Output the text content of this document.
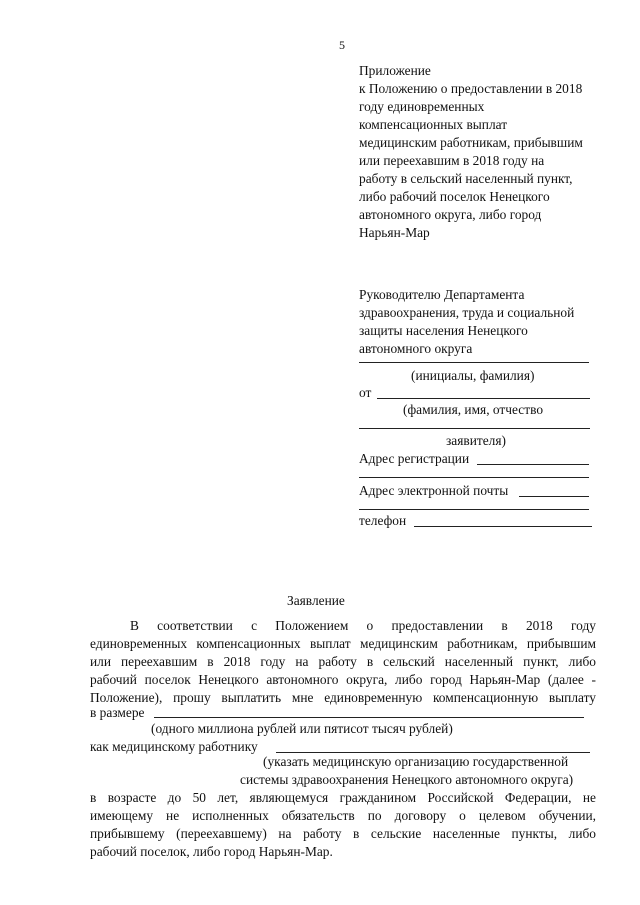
5
Приложение
к Положению о предоставлении в 2018
году единовременных
компенсационных выплат
медицинским работникам, прибывшим
или переехавшим в 2018 году на
работу в сельский населенный пункт,
либо рабочий поселок Ненецкого
автономного округа, либо город
Нарьян-Мар
Руководителю Департамента
здравоохранения, труда и социальной
защиты населения Ненецкого
автономного округа
(инициалы, фамилия)
от
(фамилия, имя, отчество
заявителя)
Адрес регистрации
Адрес электронной почты
телефон
Заявление
В соответствии с Положением о предоставлении в 2018 году
единовременных компенсационных выплат медицинским работникам, прибывшим
или переехавшим в 2018 году на работу в сельский населенный пункт, либо
рабочий поселок Ненецкого автономного округа, либо город Нарьян-Мар (далее -
Положение), прошу выплатить мне единовременную компенсационную выплату
в размере
(одного миллиона рублей или пятисот тысяч рублей)
как медицинскому работнику
(указать медицинскую организацию государственной
системы здравоохранения Ненецкого автономного округа)
в возрасте до 50 лет, являющемуся гражданином Российской Федерации, не
имеющему не исполненных обязательств по договору о целевом обучении,
прибывшему (переехавшему) на работу в сельские населенные пункты, либо
рабочий поселок, либо город Нарьян-Мар.
